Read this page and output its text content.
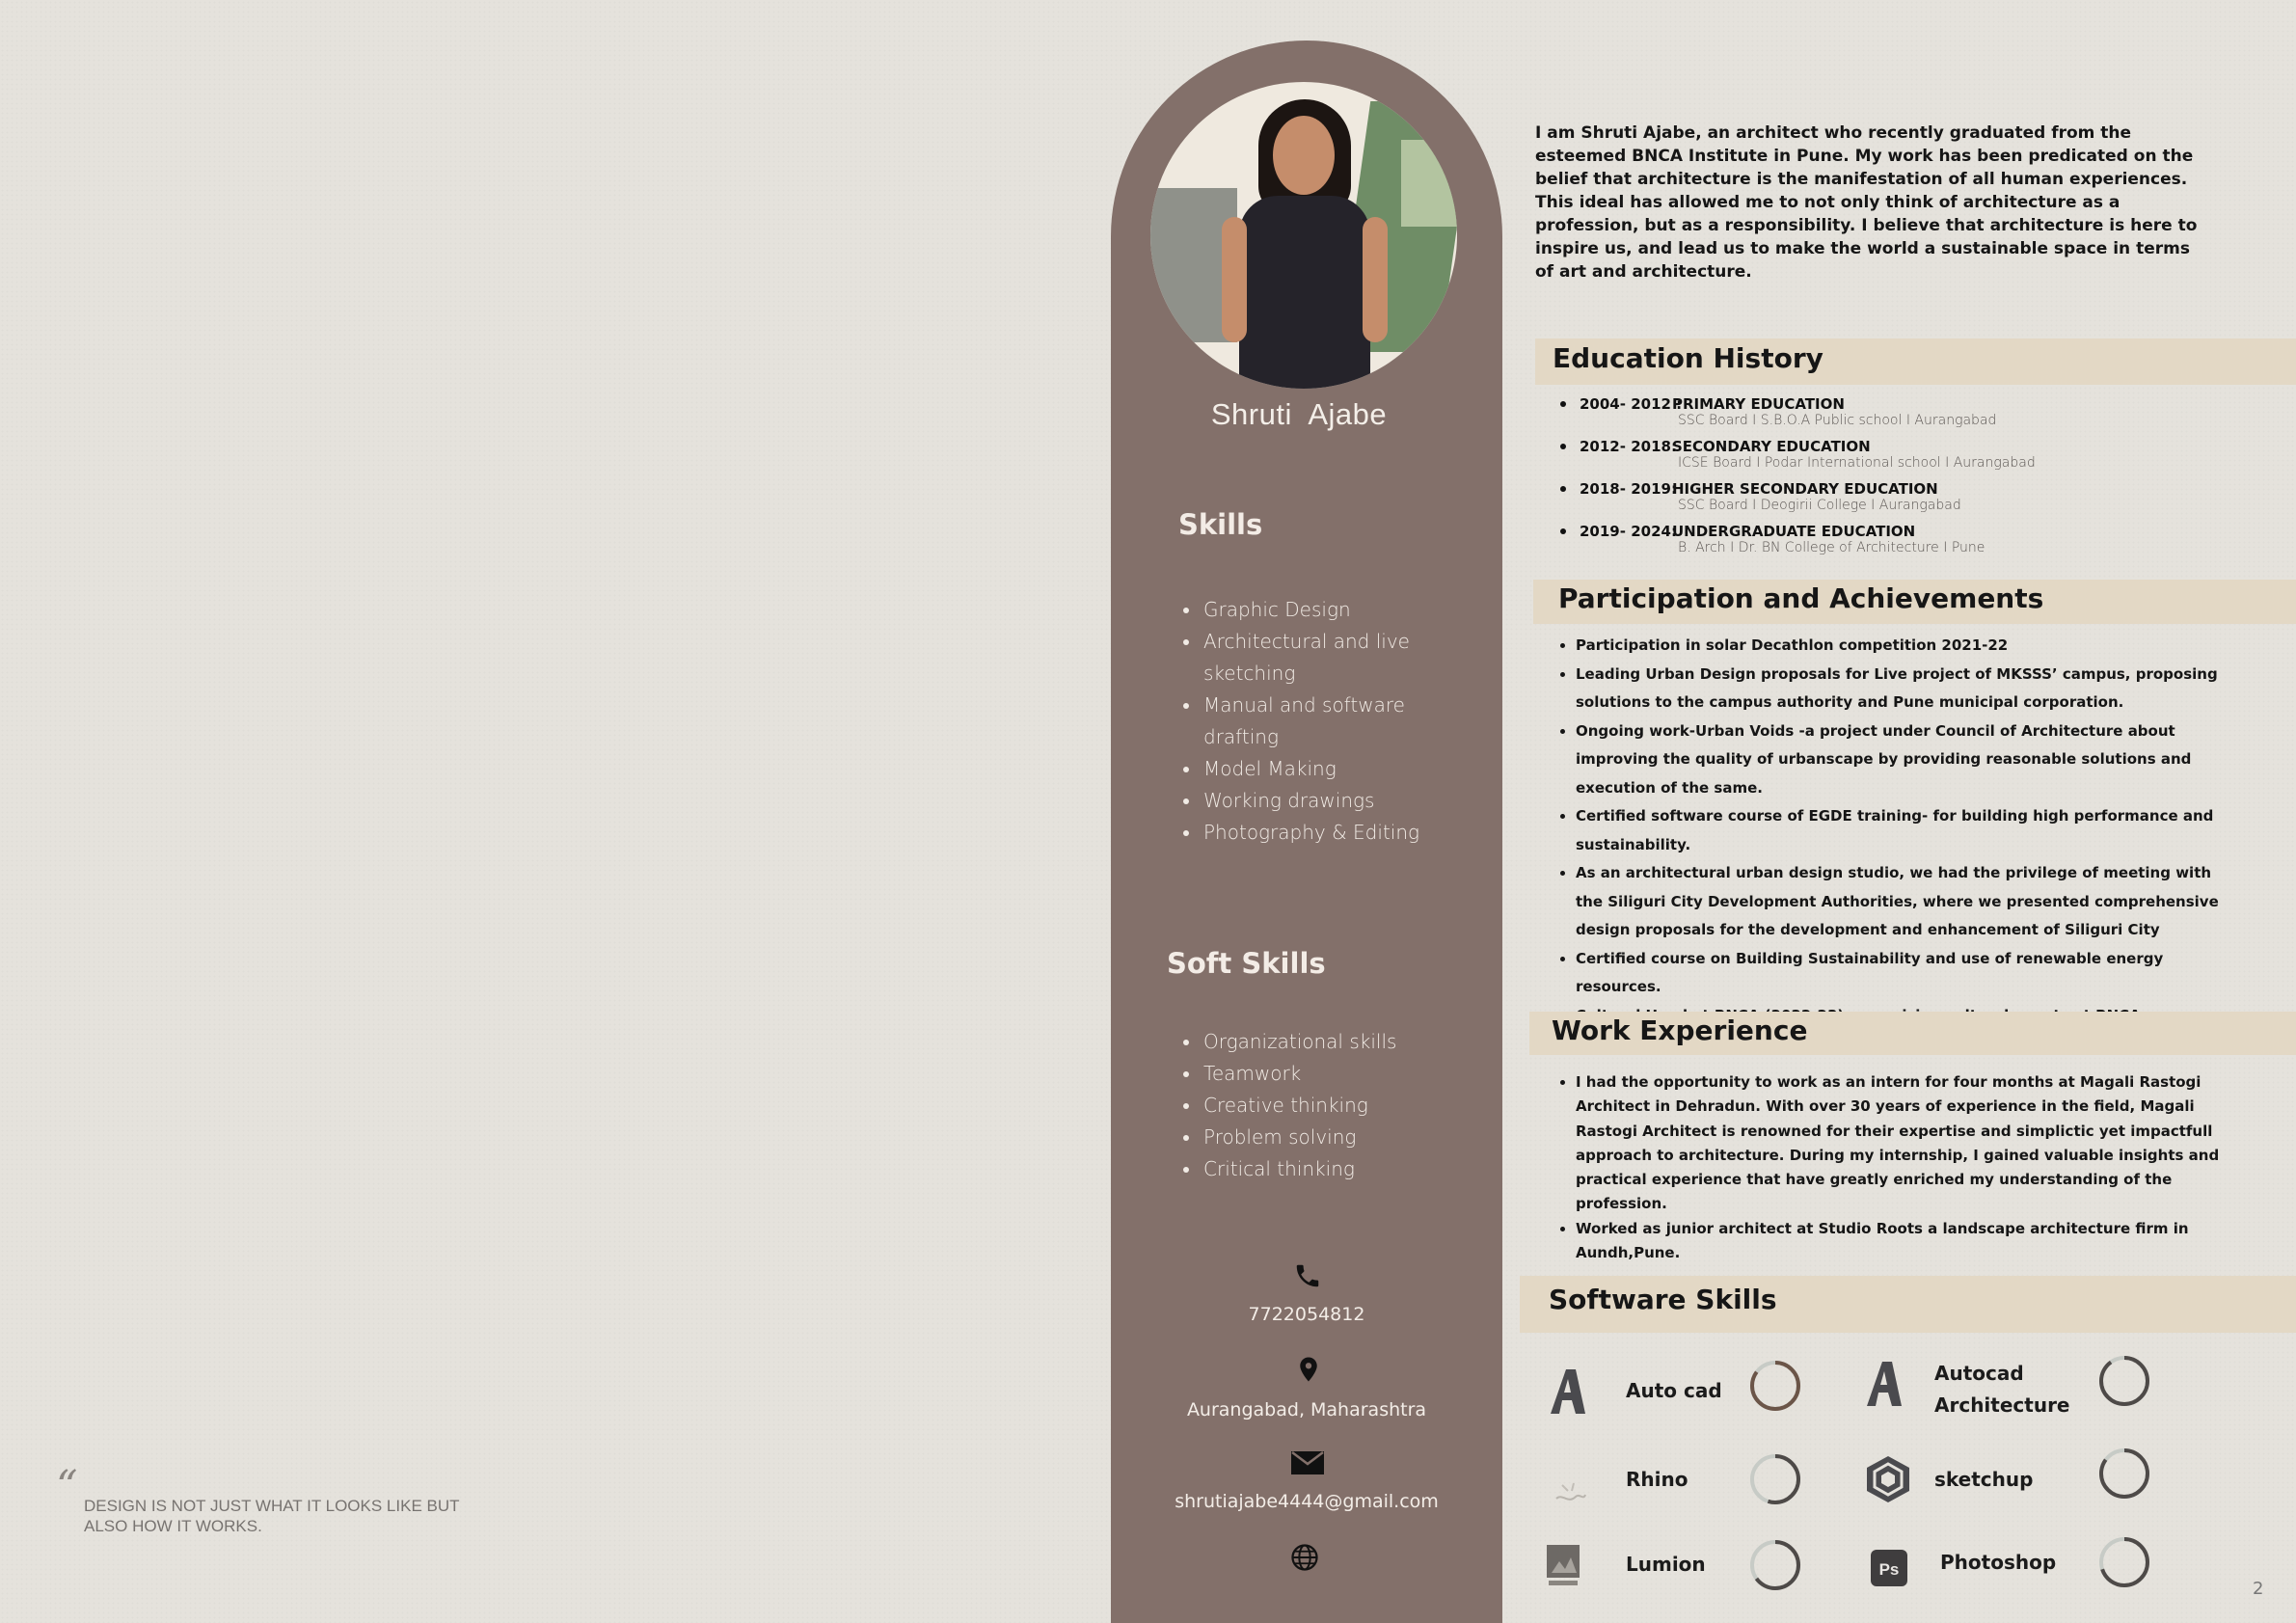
“ DESIGN IS NOT JUST WHAT IT LOOKS LIKE BUT
ALSO HOW IT WORKS.
Shruti  Ajabe
Skills
• Graphic Design
• Architectural and live sketching
• Manual and software drafting
• Model Making
• Working drawings
• Photography & Editing
Soft Skills
• Organizational skills
• Teamwork
• Creative thinking
• Problem solving
• Critical thinking
7722054812
Aurangabad, Maharashtra
shrutiajabe4444@gmail.com
I am Shruti Ajabe, an architect who recently graduated from the esteemed BNCA Institute in Pune. My work has been predicated on the belief that architecture is the manifestation of all human experiences. This ideal has allowed me to not only think of architecture as a profession, but as a responsibility. I believe that architecture is here to inspire us, and lead us to make the world a sustainable space in terms of art and architecture.
Education History
2004- 2012 :
PRIMARY EDUCATION
SSC Board I S.B.O.A Public school I Aurangabad
2012- 2018:
SECONDARY EDUCATION
ICSE Board I Podar International school I Aurangabad
2018- 2019:
HIGHER SECONDARY EDUCATION
SSC Board I Deogirii College I Aurangabad
2019- 2024:
UNDERGRADUATE EDUCATION
B. Arch I Dr. BN College of Architecture I Pune
Participation and Achievements
• Participation in solar Decathlon competition 2021-22
• Leading Urban Design proposals for Live project of MKSSS’ campus, proposing solutions to the campus authority and Pune municipal corporation.
• Ongoing work-Urban Voids -a project under Council of Architecture about improving the quality of urbanscape by providing reasonable solutions and execution of the same.
• Certified software course of EGDE training- for building high performance and sustainability.
• As an architectural urban design studio, we had the privilege of meeting with the Siliguri City Development Authorities, where we presented comprehensive design proposals for the development and enhancement of Siliguri City
• Certified course on Building Sustainability and use of renewable energy resources.
•
Work Experience
• I had the opportunity to work as an intern for four months at Magali Rastogi Architect in Dehradun. With over 30 years of experience in the field, Magali Rastogi Architect is renowned for their expertise and simplictic yet impactfull approach to architecture. During my internship, I gained valuable insights and practical experience that have greatly enriched my understanding of the profession.
• Worked as junior architect at Studio Roots a landscape architecture firm in Aundh,Pune.
Software Skills
Ps
Auto cad
Autocad
Architecture
Rhino	sketchup
Lumion	Photoshop
2
